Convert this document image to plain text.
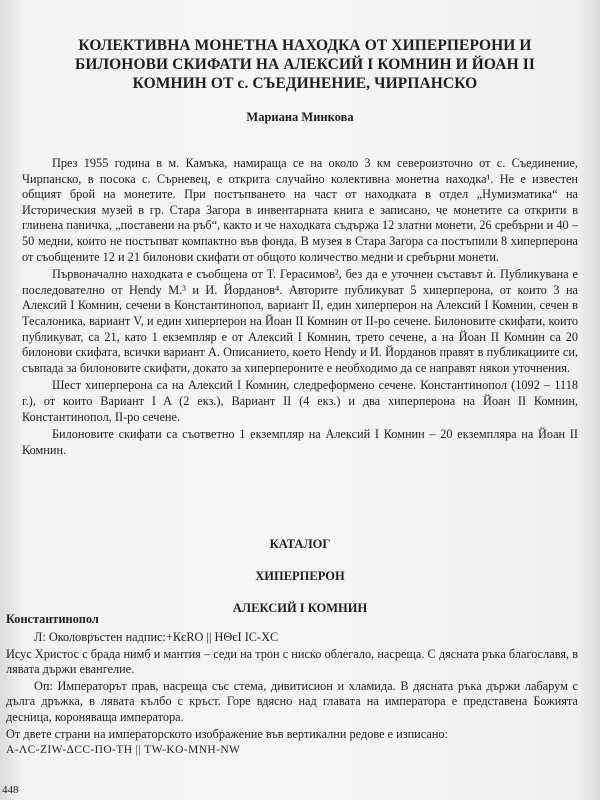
КОЛЕКТИВНА МОНЕТНА НАХОДКА ОТ ХИПЕРПЕРОНИ И БИЛОНОВИ СКИФАТИ НА АЛЕКСИЙ I КОМНИН И ЙОАН II КОМНИН ОТ с. СЪЕДИНЕНИЕ, ЧИРПАНСКО
Мариана Минкова

През 1955 година в м. Камъка, намираща се на около 3 км североизточно от с. Съединение, Чирпанско, в посока с. Сърневец, е открита случайно колективна монетна находка¹. Не е известен общият брой на монетите. При постъпването на част от находката в отдел „Нумизматика“ на Историческия музей в гр. Стара Загора в инвентарната книга е записано, че монетите са открити в глинена паничка, „поставени на ръб“, както и че находката съдържа 12 златни монети, 26 сребърни и 40 – 50 медни, които не постъпват компактно във фонда. В музея в Стара Загора са постъпили 8 хиперперона от съобщените 12 и 21 билонови скифати от общото количество медни и сребърни монети.

Първоначално находката е съобщена от Т. Герасимов², без да е уточнен съставът ѝ. Публикувана е последователно от Hendy M.³ и И. Йорданов⁴. Авторите публикуват 5 хиперперона, от които 3 на Алексий I Комнин, сечени в Константинопол, вариант II, един хиперперон на Алексий I Комнин, сечен в Тесалоника, вариант V, и един хиперперон на Йоан II Комнин от II-ро сечене. Билоновите скифати, които публикуват, са 21, като 1 екземпляр е от Алексий I Комнин, трето сечене, а на Йоан II Комнин са 20 билонови скифата, всички вариант А. Описанието, което Hendy и И. Йорданов правят в публикациите си, съвпада за билоновите скифати, докато за хиперпероните е необходимо да се направят някои уточнения.

Шест хиперперона са на Алексий I Комнин, следреформено сечене. Константинопол (1092 – 1118 г.), от които Вариант I A (2 екз.), Вариант II (4 екз.) и два хиперперона на Йоан II Комнин, Константинопол, II-ро сечене.

Билоновите скифати са съответно 1 екземпляр на Алексий I Комнин – 20 екземпляра на Йоан II Комнин.

КАТАЛОГ
ХИПЕРПЕРОН
АЛЕКСИЙ I КОМНИН
Константинопол

Л: Околовръстен надпис:+КєRO || HΘєI IC-XC

Исус Христос с брада нимб и мантия – седи на трон с ниско облегало, насреща. С дясната ръка благославя, в лявата държи евангелие.

Оп: Императорът прав, насреща със стема, дивитисион и хламида. В дясната ръка държи лабарум с дълга дръжка, в лявата кълбо с кръст. Горе вдясно над главата на императора е представена Божията десница, короняваща императора.

От двете страни на императорското изображение във вертикални редове е изписано:

A-ΛC-ZIW-ΔCC-ΠO-TH || TW-KO-MNH-NW

448
